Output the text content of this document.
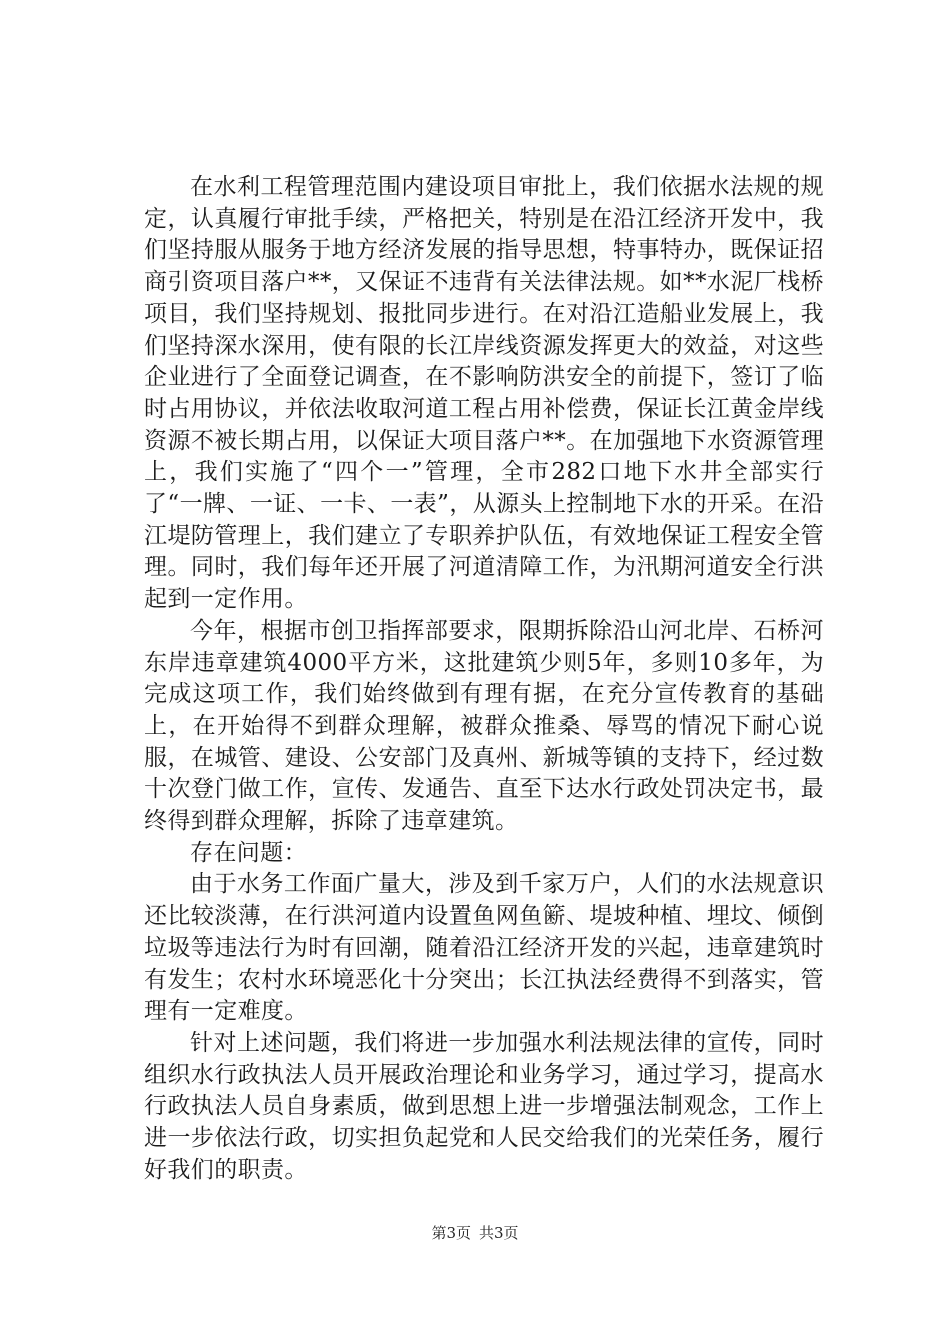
在水利工程管理范围内建设项目审批上，我们依据水法规的规定，认真履行审批手续，严格把关，特别是在沿江经济开发中，我们坚持服从服务于地方经济发展的指导思想，特事特办，既保证招商引资项目落户**，又保证不违背有关法律法规。如**水泥厂栈桥项目，我们坚持规划、报批同步进行。在对沿江造船业发展上，我们坚持深水深用，使有限的长江岸线资源发挥更大的效益，对这些企业进行了全面登记调查，在不影响防洪安全的前提下，签订了临时占用协议，并依法收取河道工程占用补偿费，保证长江黄金岸线资源不被长期占用，以保证大项目落户**。在加强地下水资源管理上，我们实施了“四个一”管理，全市282口地下水井全部实行了“一牌、一证、一卡、一表”，从源头上控制地下水的开采。在沿江堤防管理上，我们建立了专职养护队伍，有效地保证工程安全管理。同时，我们每年还开展了河道清障工作，为汛期河道安全行洪起到一定作用。

今年，根据市创卫指挥部要求，限期拆除沿山河北岸、石桥河东岸违章建筑4000平方米，这批建筑少则5年，多则10多年，为完成这项工作，我们始终做到有理有据，在充分宣传教育的基础上，在开始得不到群众理解，被群众推桑、辱骂的情况下耐心说服，在城管、建设、公安部门及真州、新城等镇的支持下，经过数十次登门做工作，宣传、发通告、直至下达水行政处罚决定书，最终得到群众理解，拆除了违章建筑。

存在问题：

由于水务工作面广量大，涉及到千家万户，人们的水法规意识还比较淡薄，在行洪河道内设置鱼网鱼簖、堤坡种植、埋坟、倾倒垃圾等违法行为时有回潮，随着沿江经济开发的兴起，违章建筑时有发生；农村水环境恶化十分突出；长江执法经费得不到落实，管理有一定难度。

针对上述问题，我们将进一步加强水利法规法律的宣传，同时组织水行政执法人员开展政治理论和业务学习，通过学习，提高水行政执法人员自身素质，做到思想上进一步增强法制观念，工作上进一步依法行政，切实担负起党和人民交给我们的光荣任务，履行好我们的职责。

第3页 共3页
